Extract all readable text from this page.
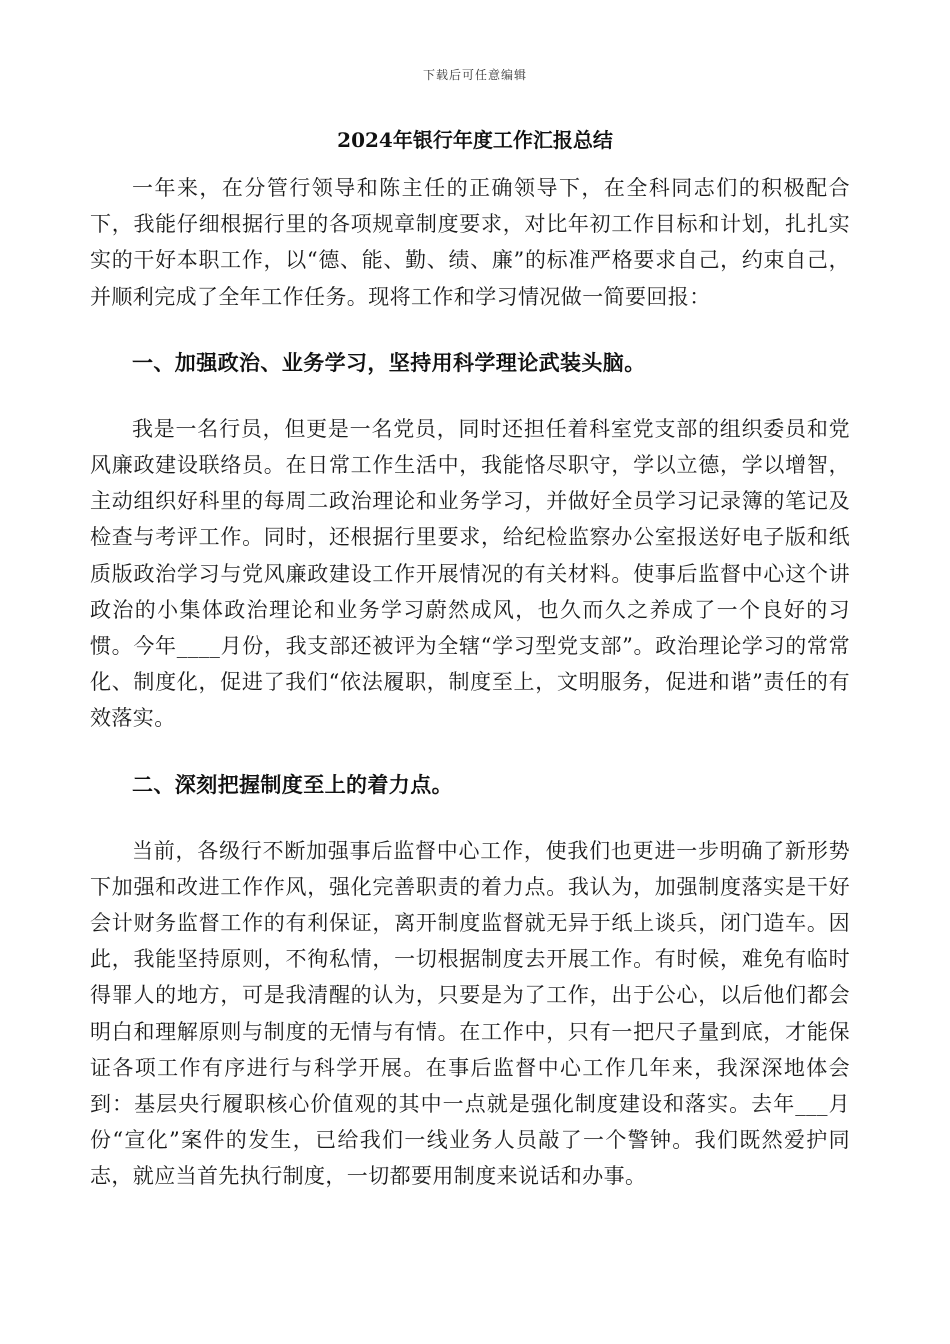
下载后可任意编辑
2024年银行年度工作汇报总结

一年来，在分管行领导和陈主任的正确领导下，在全科同志们的积极配合下，我能仔细根据行里的各项规章制度要求，对比年初工作目标和计划，扎扎实实的干好本职工作，以“德、能、勤、绩、廉”的标准严格要求自己，约束自己，并顺利完成了全年工作任务。现将工作和学习情况做一简要回报：

一、加强政治、业务学习，坚持用科学理论武装头脑。

我是一名行员，但更是一名党员，同时还担任着科室党支部的组织委员和党风廉政建设联络员。在日常工作生活中，我能恪尽职守，学以立德，学以增智，主动组织好科里的每周二政治理论和业务学习，并做好全员学习记录簿的笔记及检查与考评工作。同时，还根据行里要求，给纪检监察办公室报送好电子版和纸质版政治学习与党风廉政建设工作开展情况的有关材料。使事后监督中心这个讲政治的小集体政治理论和业务学习蔚然成风，也久而久之养成了一个良好的习惯。今年____月份，我支部还被评为全辖“学习型党支部”。政治理论学习的常常化、制度化，促进了我们“依法履职，制度至上，文明服务，促进和谐”责任的有效落实。

二、深刻把握制度至上的着力点。

当前，各级行不断加强事后监督中心工作，使我们也更进一步明确了新形势下加强和改进工作作风，强化完善职责的着力点。我认为，加强制度落实是干好会计财务监督工作的有利保证，离开制度监督就无异于纸上谈兵，闭门造车。因此，我能坚持原则，不徇私情，一切根据制度去开展工作。有时候，难免有临时得罪人的地方，可是我清醒的认为，只要是为了工作，出于公心，以后他们都会明白和理解原则与制度的无情与有情。在工作中，只有一把尺子量到底，才能保证各项工作有序进行与科学开展。在事后监督中心工作几年来，我深深地体会到：基层央行履职核心价值观的其中一点就是强化制度建设和落实。去年___月份“宣化”案件的发生，已给我们一线业务人员敲了一个警钟。我们既然爱护同志，就应当首先执行制度，一切都要用制度来说话和办事。
